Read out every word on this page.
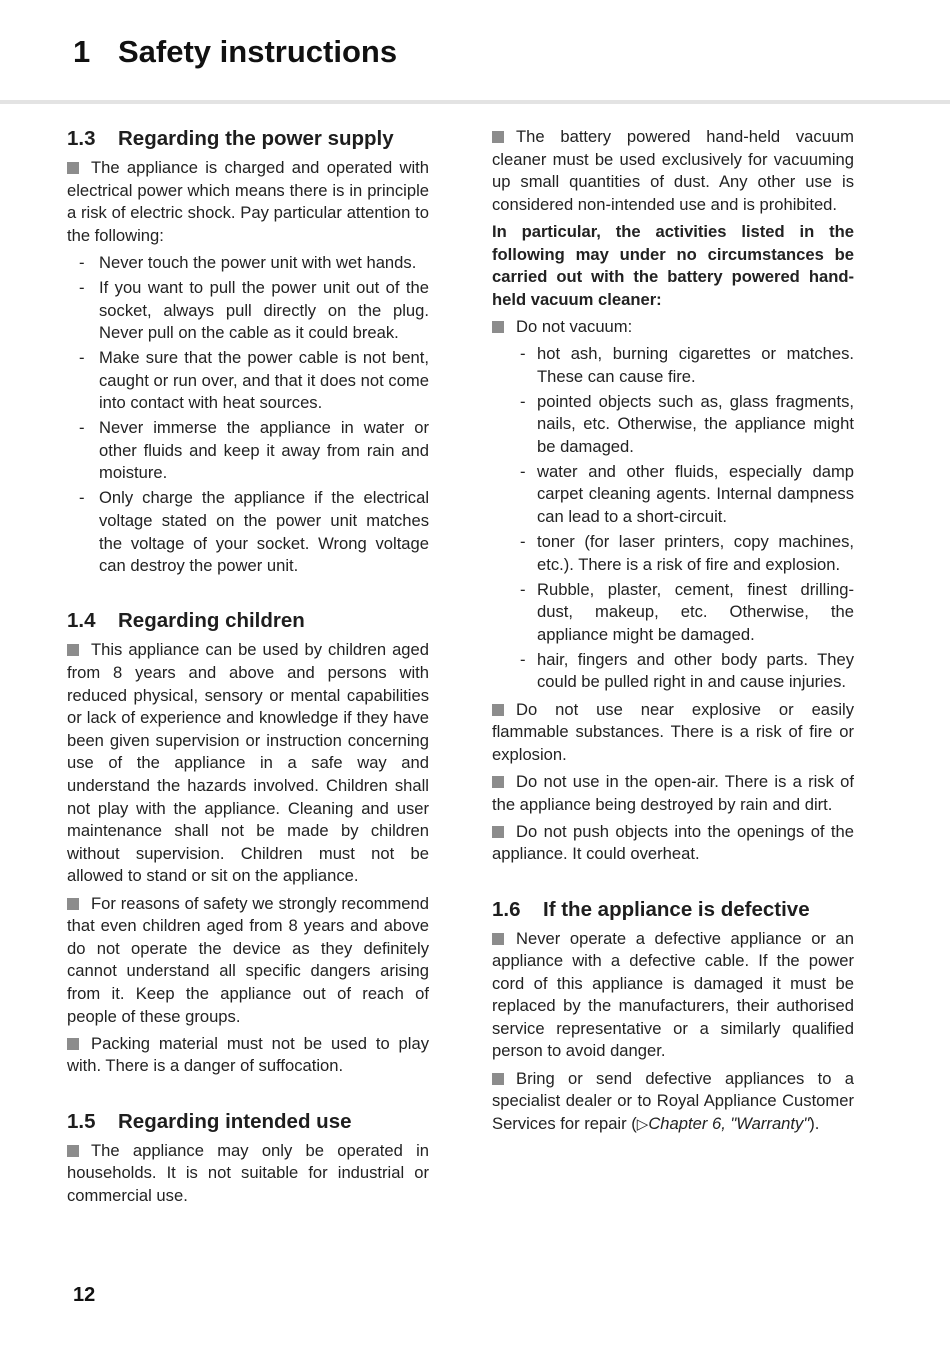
1 Safety instructions
1.3 Regarding the power supply

The appliance is charged and operated with electrical power which means there is in principle a risk of electric shock. Pay particular attention to the following:

- Never touch the power unit with wet hands.
- If you want to pull the power unit out of the socket, always pull directly on the plug. Never pull on the cable as it could break.
- Make sure that the power cable is not bent, caught or run over, and that it does not come into contact with heat sources.
- Never immerse the appliance in water or other fluids and keep it away from rain and moisture.
- Only charge the appliance if the electrical voltage stated on the power unit matches the voltage of your socket. Wrong voltage can destroy the power unit.
1.4 Regarding children

This appliance can be used by children aged from 8 years and above and persons with reduced physical, sensory or mental capabilities or lack of experience and knowledge if they have been given supervision or instruction concerning use of the appliance in a safe way and understand the hazards involved. Children shall not play with the appliance. Cleaning and user maintenance shall not be made by children without supervision. Children must not be allowed to stand or sit on the appliance.

For reasons of safety we strongly recommend that even children aged from 8 years and above do not operate the device as they definitely cannot understand all specific dangers arising from it. Keep the appliance out of reach of people of these groups.

Packing material must not be used to play with. There is a danger of suffocation.

1.5 Regarding intended use

The appliance may only be operated in households. It is not suitable for industrial or commercial use.

The battery powered hand-held vacuum cleaner must be used exclusively for vacuuming up small quantities of dust. Any other use is considered non-intended use and is prohibited.

In particular, the activities listed in the following may under no circumstances be carried out with the battery powered hand-held vacuum cleaner:

Do not vacuum:

- hot ash, burning cigarettes or matches. These can cause fire.
- pointed objects such as, glass fragments, nails, etc. Otherwise, the appliance might be damaged.
- water and other fluids, especially damp carpet cleaning agents. Internal dampness can lead to a short-circuit.
- toner (for laser printers, copy machines, etc.). There is a risk of fire and explosion.
- Rubble, plaster, cement, finest drilling-dust, makeup, etc. Otherwise, the appliance might be damaged.
- hair, fingers and other body parts. They could be pulled right in and cause injuries.

Do not use near explosive or easily flammable substances. There is a risk of fire or explosion.

Do not use in the open-air. There is a risk of the appliance being destroyed by rain and dirt.

Do not push objects into the openings of the appliance. It could overheat.

1.6 If the appliance is defective

Never operate a defective appliance or an appliance with a defective cable. If the power cord of this appliance is damaged it must be replaced by the manufacturers, their authorised service representative or a similarly qualified person to avoid danger.

Bring or send defective appliances to a specialist dealer or to Royal Appliance Customer Services for repair (▷Chapter 6, "Warranty").

12
